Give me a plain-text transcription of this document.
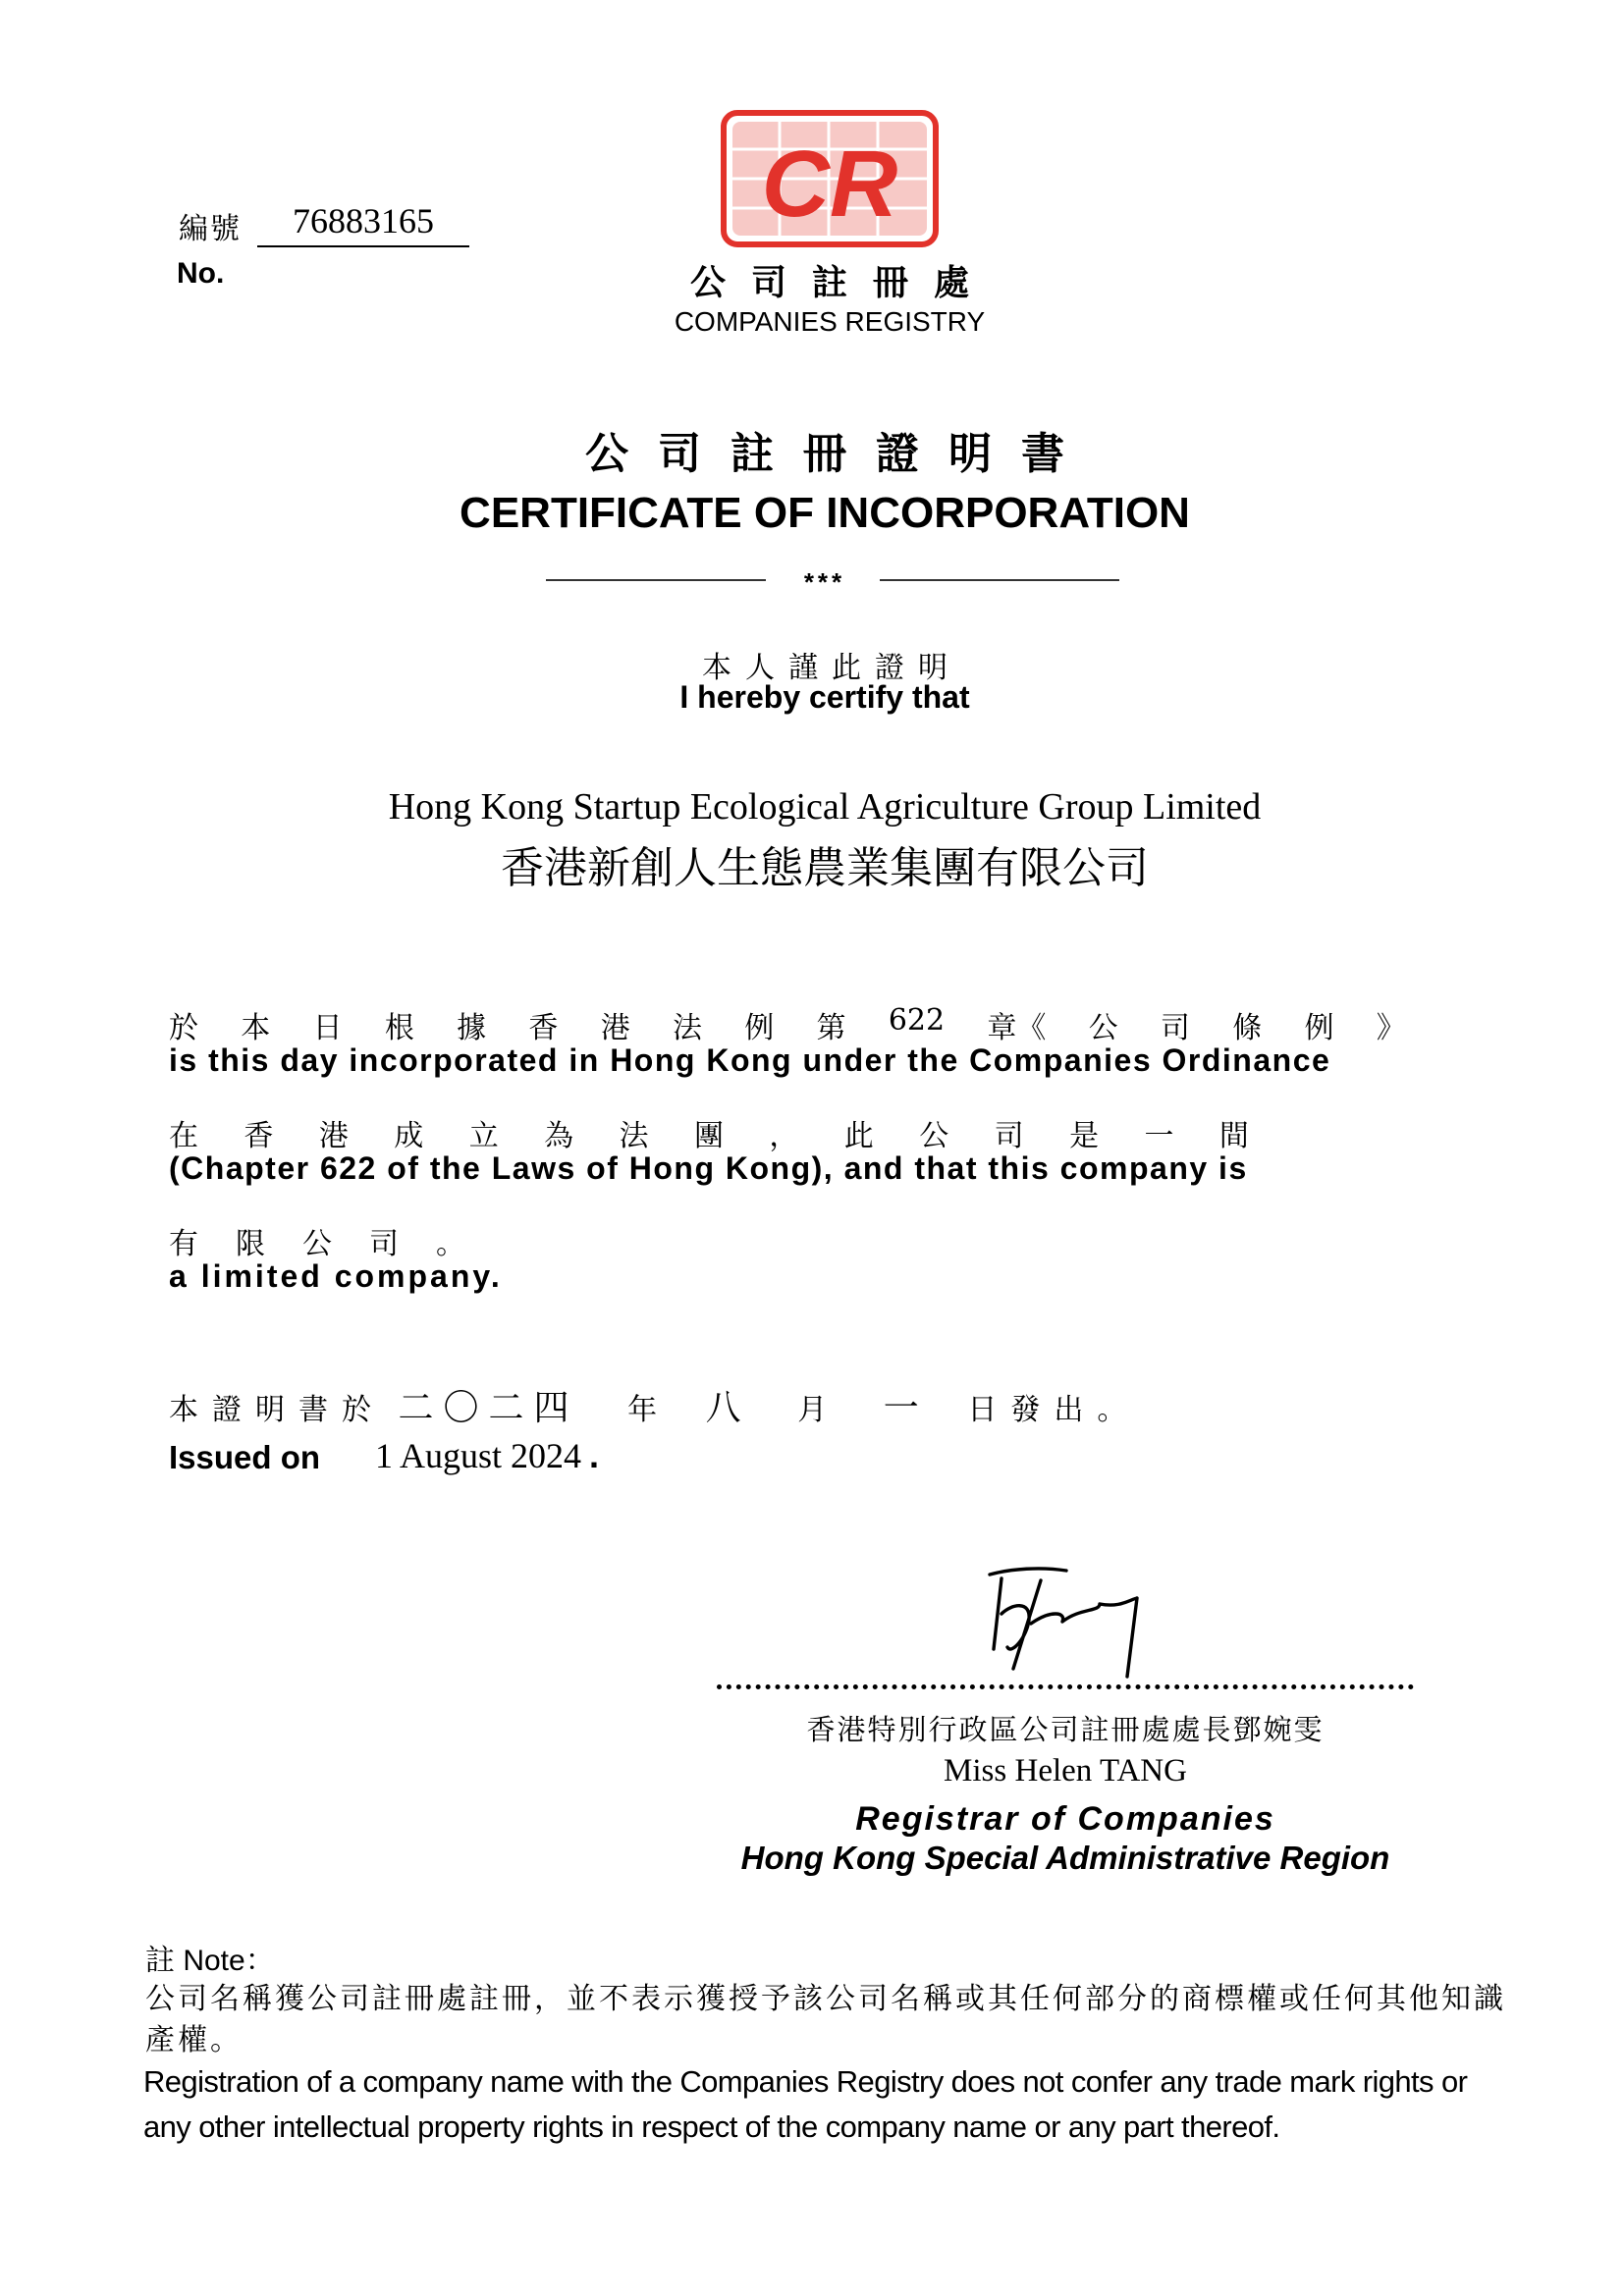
編號	76883165
No.
CR
公司註冊處
COMPANIES REGISTRY
公司註冊證明書
CERTIFICATE OF INCORPORATION
***
本人謹此證明
I hereby certify that
Hong Kong Startup Ecological Agriculture Group Limited
香港新創人生態農業集團有限公司
於 本 日 根 據 香 港 法 例 第 622 章《 公 司 條 例 》
is this day incorporated in Hong Kong under the Companies Ordinance
在 香 港 成 立 為 法 團 ， 此 公 司 是 一 間
(Chapter 622 of the Laws of Hong Kong), and that this company is
有 限 公 司 。
a limited company.
本證明書於 二〇二四 年 八 月 一 日發出。
Issued on 1 August 2024 .
香港特別行政區公司註冊處處長鄧婉雯
Miss Helen TANG
Registrar of Companies
Hong Kong Special Administrative Region
註 Note：
公司名稱獲公司註冊處註冊，並不表示獲授予該公司名稱或其任何部分的商標權或任何其他知識產權。
Registration of a company name with the Companies Registry does not confer any trade mark rights or any other intellectual property rights in respect of the company name or any part thereof.
